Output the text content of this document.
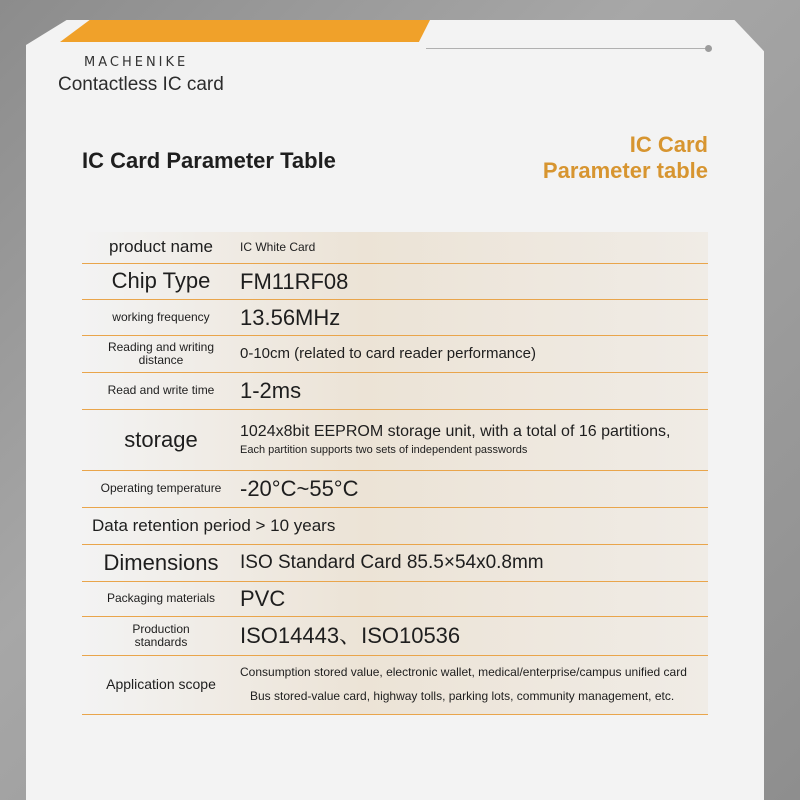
MACHENIKE
Contactless IC card
IC Card Parameter Table
IC Card
Parameter table
product name	IC White Card
Chip Type	FM11RF08
working frequency	13.56MHz
Reading and writing
distance	0-10cm (related to card reader performance)
Read and write time	1-2ms
storage	1024x8bit EEPROM storage unit, with a total of 16 partitions,
Each partition supports two sets of independent passwords
Operating temperature -20°C~55°C
Data retention period > 10 years
Dimensions	ISO Standard Card 85.5×54x0.8mm
Packaging materials	PVC
Production
standards	ISO14443、ISO10536
Application scope
Consumption stored value, electronic wallet, medical/enterprise/campus unified card
Bus stored-value card, highway tolls, parking lots, community management, etc.
